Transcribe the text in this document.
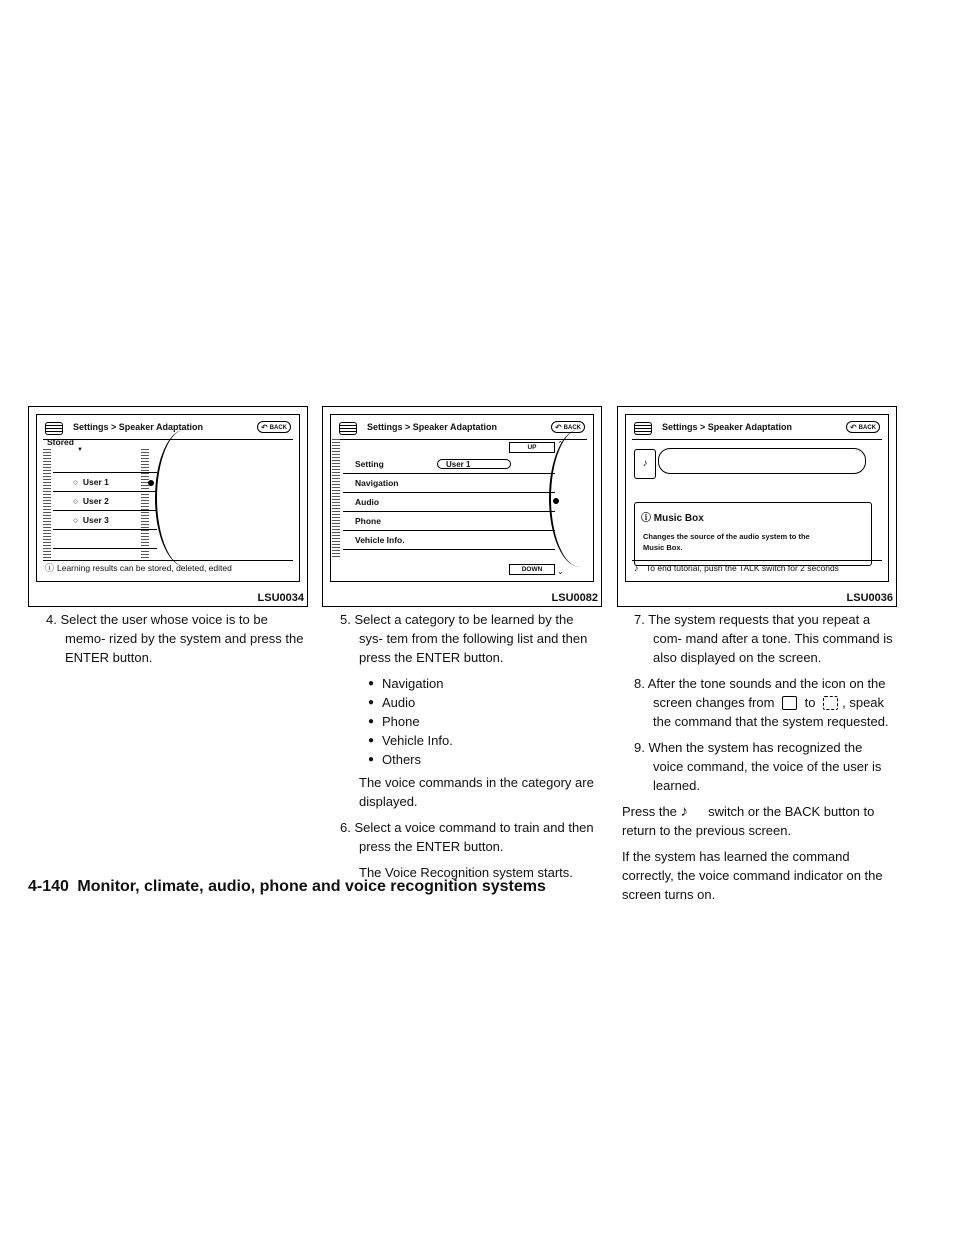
Settings > Speaker Adaptation	↶ BACK
Stored
▼
○  User 1
○  User 2
○  User 3
ⓘ Learning results can be stored, deleted, edited
LSU0034
Settings > Speaker Adaptation	↶ BACK
UP	⌃
Setting	User 1
Navigation
Audio
Phone
Vehicle Info.
DOWN	⌄
LSU0082
Settings > Speaker Adaptation	↶ BACK
♪
ⓘ Music Box
Changes the source of the audio system to the
Music Box.
♪ To end tutorial, push the TALK switch for 2 seconds
LSU0036

4. Select the user whose voice is to be memo- rized by the system and press the ENTER button.

5. Select a category to be learned by the sys- tem from the following list and then press the ENTER button.

● Navigation
● Audio
● Phone
● Vehicle Info.
● Others

The voice commands in the category are displayed.

6. Select a voice command to train and then press the ENTER button.

The Voice Recognition system starts.

7. The system requests that you repeat a com- mand after a tone. This command is also displayed on the screen.

8. After the tone sounds and the icon on the screen changes from to , speak the command that the system requested.

9. When the system has recognized the voice command, the voice of the user is learned.

Press the ♪ switch or the BACK button to return to the previous screen.

If the system has learned the command correctly, the voice command indicator on the screen turns on.

4-140 Monitor, climate, audio, phone and voice recognition systems
